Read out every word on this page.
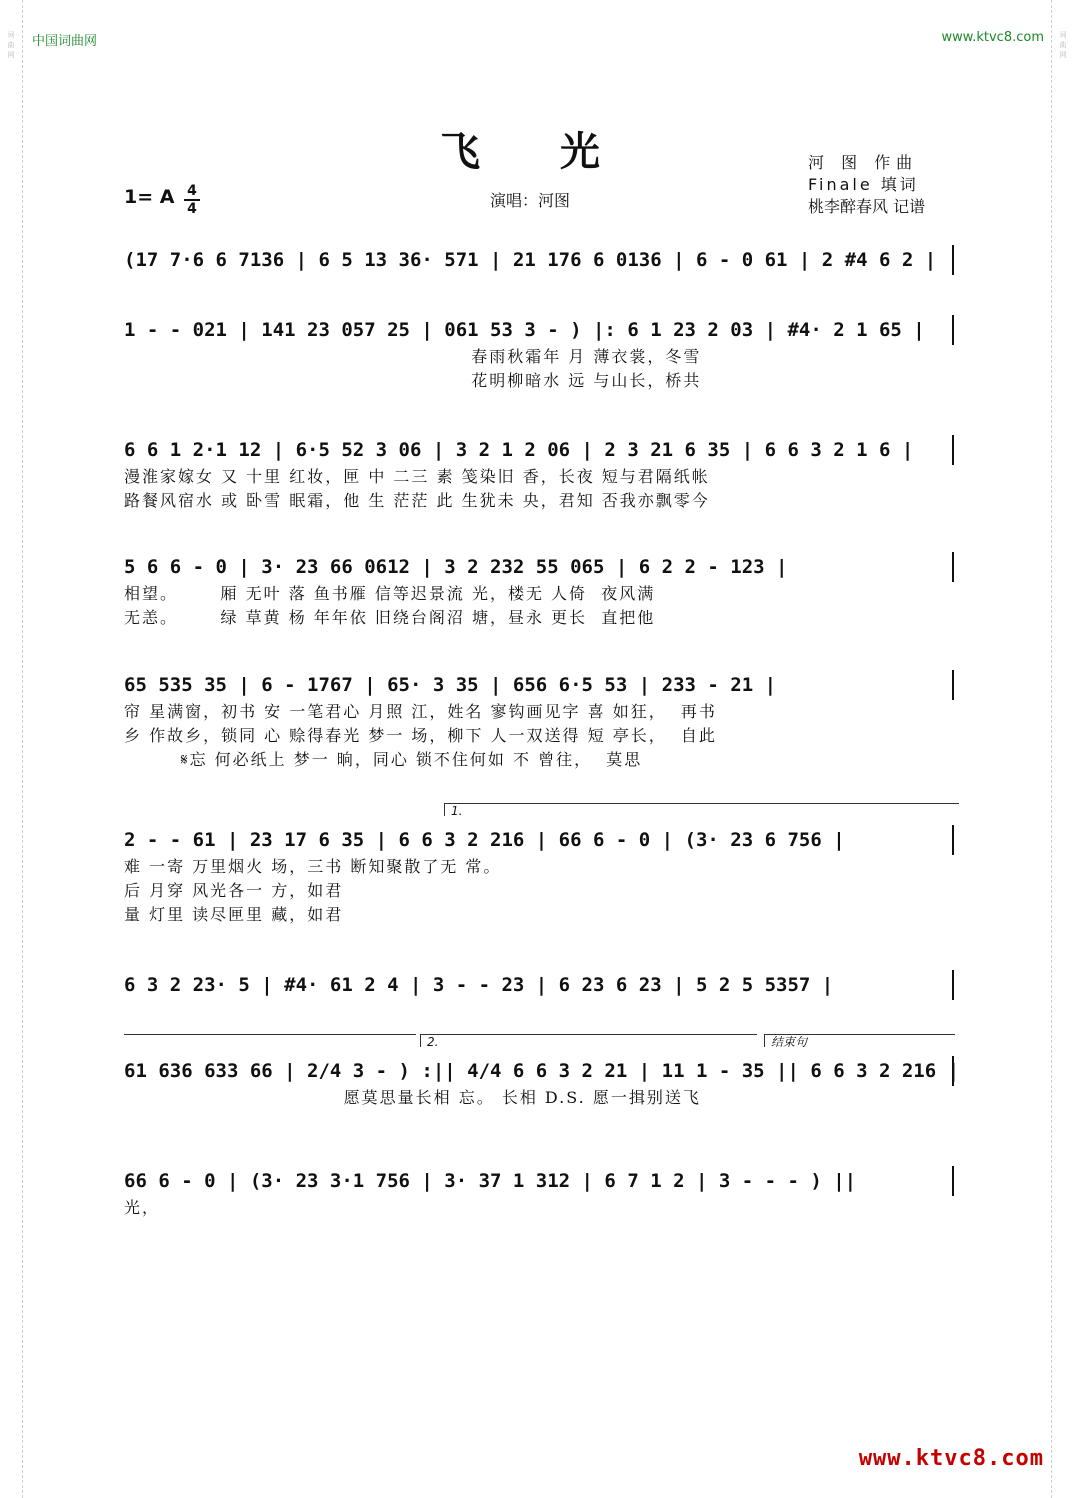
词
曲
网
词
曲
网
中国词曲网	www.ktvc8.com
飞光	河 图 作曲
Finale 填词
桃李醉春风 记谱
1= A 4
4	演唱：河图
(17 7·6 6 7136 | 6 5 13 36· 571 | 21 176 6 0136 | 6 - 0 61 | 2 #4 6 2 |
1 - - 021 | 141 23 057 25 | 061 53 3 - ) |: 6 1 23 2 03 | #4· 2 1 65 |
春雨秋霜年 月 薄衣裳，冬雪
花明柳暗水 远 与山长，桥共
6 6 1 2·1 12 | 6·5 52 3 06 | 3 2 1 2 06 | 2 3 21 6 35 | 6 6 3 2 1 6 |
漫淮家嫁女 又 十里 红妆，匣 中 二三 素 笺染旧 香，长夜 短与君隔纸帐
路餐风宿水 或 卧雪 眠霜，他 生 茫茫 此 生犹未 央，君知 否我亦飘零今
5 6 6 - 0 | 3· 23 66 0612 | 3 2 232 55 065 | 6 2 2 - 123 |
相望。      厢 无叶 落 鱼书雁 信等迟景流 光，楼无 人倚  夜风满
无恙。      绿 草黄 杨 年年依 旧绕台阁沼 塘，昼永 更长  直把他
65 535 35 | 6 - 1767 | 65· 3 35 | 656 6·5 53 | 233 - 21 |
帘 星满窗，初书 安 一笔君心 月照 江，姓名 寥钩画见字 喜 如狂，  再书
乡 作故乡，锁同 心 赊得春光 梦一 场，柳下 人一双送得 短 亭长，  自此
𝄋忘 何必纸上 梦一 晌，同心 锁不住何如 不 曾往，  莫思
1.
2 - - 61 | 23 17 6 35 | 6 6 3 2 216 | 66 6 - 0 | (3· 23 6 756 |
难 一寄 万里烟火 场，三书 断知聚散了无 常。
后 月穿 风光各一 方，如君
量 灯里 读尽匣里 藏，如君
6 3 2 23· 5 | #4· 61 2 4 | 3 - - 23 | 6 23 6 23 | 5 2 5 5357 |
2.	结束句
61 636 633 66 | 2/4 3 - ) :|| 4/4 6 6 3 2 21 | 11 1 - 35 || 6 6 3 2 216 |
愿莫思量长相 忘。 长相 D.S. 愿一揖别送飞
66 6 - 0 | (3· 23 3·1 756 | 3· 37 1 312 | 6 7 1 2 | 3 - - - ) ||
光，
www.ktvc8.com
